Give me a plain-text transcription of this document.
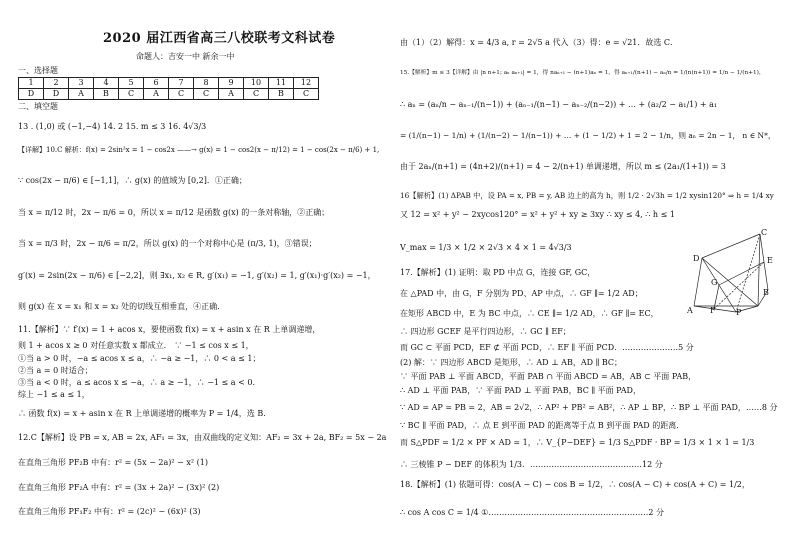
2020 届江西省高三八校联考文科试卷
命题人：吉安一中 新余一中
一、选择题
1	2	3	4	5	6	7	8	9	10	11	12
D	D	A	B	C	A	C	C	A	C	B	C
二、填空题
13 . (1,0) 或 (−1,−4) 14. 2 15. m ≤ 3 16. 4√3/3
【详解】10.C 解析：f(x) = 2sin²x = 1 − cos2x ——→ g(x) = 1 − cos2(x − π/12) = 1 − cos(2x − π/6) + 1,
∵ cos(2x − π/6) ∈ [−1,1]，∴ g(x) 的值域为 [0,2]．①正确；
当 x = π/12 时，2x − π/6 = 0，所以 x = π/12 是函数 g(x) 的一条对称轴，②正确；
当 x = π/3 时，2x − π/6 = π/2，所以 g(x) 的一个对称中心是 (π/3, 1)，③错误；
g′(x) = 2sin(2x − π/6) ∈ [−2,2]，则 ∃x₁, x₂ ∈ R, g′(x₁) = −1, g′(x₂) = 1, g′(x₁)·g′(x₂) = −1，
则 g(x) 在 x = x₁ 和 x = x₂ 处的切线互相垂直，④正确．
11.【解析】∵ f′(x) = 1 + acos x，要使函数 f(x) = x + asin x 在 R 上单调递增，
则 1 + acos x ≥ 0 对任意实数 x 都成立． ∵ −1 ≤ cos x ≤ 1，
①当 a > 0 时，−a ≤ acos x ≤ a，∴ −a ≥ −1，∴ 0 < a ≤ 1；
②当 a = 0 时适合；
③当 a < 0 时，a ≤ acos x ≤ −a，∴ a ≥ −1，∴ −1 ≤ a < 0．
综上 −1 ≤ a ≤ 1，
∴ 函数 f(x) = x + asin x 在 R 上单调递增的概率为 P = 1/4，选 B．
12.C【解析】设 PB = x, AB = 2x, AF₁ = 3x，由双曲线的定义知：AF₂ = 3x + 2a, BF₂ = 5x − 2a
在直角三角形 PF₂B 中有：r² = (5x − 2a)² − x² (1)
在直角三角形 PF₂A 中有：r² = (3x + 2a)² − (3x)² (2)
在直角三角形 PF₁F₂ 中有：r² = (2c)² − (6x)² (3)
由（1）（2）解得：x = 4/3 a, r = 2√5 a 代入（3）得：e = √21．故选 C．
15.【解析】m ≤ 3【详解】由 |n n+1; aₙ aₙ₊₁| = 1，得 naₙ₊₁ − (n+1)aₙ = 1，得 aₙ₊₁/(n+1) − aₙ/n = 1/(n(n+1)) = 1/n − 1/(n+1)，
∴ aₙ = (aₙ/n − aₙ₋₁/(n−1)) + (aₙ₋₁/(n−1) − aₙ₋₂/(n−2)) + … + (a₂/2 − a₁/1) + a₁
= (1/(n−1) − 1/n) + (1/(n−2) − 1/(n−1)) + … + (1 − 1/2) + 1 = 2 − 1/n，则 aₙ = 2n − 1， n ∈ N*，
由于 2aₙ/(n+1) = (4n+2)/(n+1) = 4 − 2/(n+1) 单调递增，所以 m ≤ (2a₁/(1+1)) = 3
16【解析】(1) ΔPAB 中，设 PA = x, PB = y, AB 边上的高为 h，则 1/2 · 2√3h = 1/2 xysin120° ⇒ h = 1/4 xy
又 12 = x² + y² − 2xycos120° = x² + y² + xy ≥ 3xy ∴ xy ≤ 4, ∴ h ≤ 1
V_max = 1/3 × 1/2 × 2√3 × 4 × 1 = 4√3/3
17.【解析】(1) 证明：取 PD 中点 G，连接 GF, GC，
在 △PAD 中，由 G，F 分别为 PD、AP 中点，∴ GF ∥= 1/2 AD；
在矩形 ABCD 中，E 为 BC 中点，∴ CE ∥= 1/2 AD，∴ GF ∥= EC，
∴ 四边形 GCEF 是平行四边形，∴ GC ∥ EF；
而 GC ⊂ 平面 PCD，EF ⊄ 平面 PCD，∴ EF ∥ 平面 PCD．…………………5 分
(2) 解：∵ 四边形 ABCD 是矩形，∴ AD ⊥ AB，AD ∥ BC；
∵ 平面 PAB ⊥ 平面 ABCD，平面 PAB ∩ 平面 ABCD = AB，AB ⊂ 平面 PAB，
∴ AD ⊥ 平面 PAB，∵ 平面 PAD ⊥ 平面 PAB，BC ∥ 平面 PAD，
∵ AD = AP = PB = 2，AB = 2√2，∴ AP² + PB² = AB²，∴ AP ⊥ BP，∴ BP ⊥ 平面 PAD，……8 分
∵ BC ∥ 平面 PAD，∴ 点 E 到平面 PAD 的距离等于点 B 到平面 PAD 的距离．
而 S△PDF = 1/2 × PF × AD = 1，∴ V_{P−DEF} = 1/3 S△PDF · BP = 1/3 × 1 × 1 = 1/3
∴ 三棱锥 P − DEF 的体积为 1/3．……………………………………12 分
18.【解析】(1) 依题可得：cos(A − C) − cos B = 1/2，∴ cos(A − C) + cos(A + C) = 1/2，
∴ cos A cos C = 1/4 ①……………………………………………………2 分
C
D	E
G
A
B
F	P
